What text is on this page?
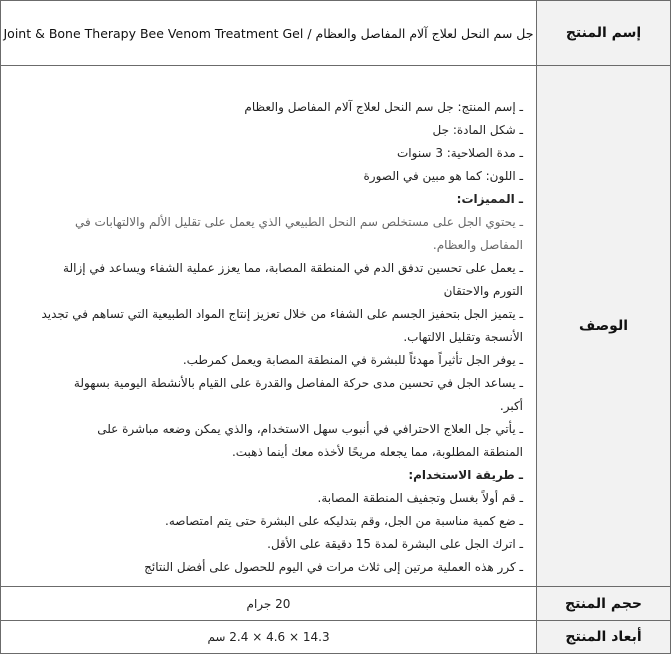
إسم المنتج
جل سم النحل لعلاج آلام المفاصل والعظام / Joint & Bone Therapy Bee Venom Treatment Gel
الوصف

ـ إسم المنتج: جل سم النحل لعلاج آلام المفاصل والعظام

ـ شكل المادة: جل

ـ مدة الصلاحية: 3 سنوات

ـ اللون: كما هو مبين في الصورة

ـ المميزات:

ـ يحتوي الجل على مستخلص سم النحل الطبيعي الذي يعمل على تقليل الألم والالتهابات في

المفاصل والعظام.

ـ يعمل على تحسين تدفق الدم في المنطقة المصابة، مما يعزز عملية الشفاء ويساعد في إزالة

التورم والاحتقان

ـ يتميز الجل بتحفيز الجسم على الشفاء من خلال تعزيز إنتاج المواد الطبيعية التي تساهم في تجديد

الأنسجة وتقليل الالتهاب.

ـ يوفر الجل تأثيراً مهدئاً للبشرة في المنطقة المصابة ويعمل كمرطب.

ـ يساعد الجل في تحسين مدى حركة المفاصل والقدرة على القيام بالأنشطة اليومية بسهولة

أكبر.

ـ يأتي جل العلاج الاحترافي في أنبوب سهل الاستخدام، والذي يمكن وضعه مباشرة على

المنطقة المطلوبة، مما يجعله مريحًا لأخذه معك أينما ذهبت.

ـ طريقة الاستخدام:

ـ قم أولاً بغسل وتجفيف المنطقة المصابة.

ـ ضع كمية مناسبة من الجل، وقم بتدليكه على البشرة حتى يتم امتصاصه.

ـ اترك الجل على البشرة لمدة 15 دقيقة على الأقل.

ـ كرر هذه العملية مرتين إلى ثلاث مرات في اليوم للحصول على أفضل النتائج

حجم المنتج
20 جرام
أبعاد المنتج
14.3 × 4.6 × 2.4 سم
